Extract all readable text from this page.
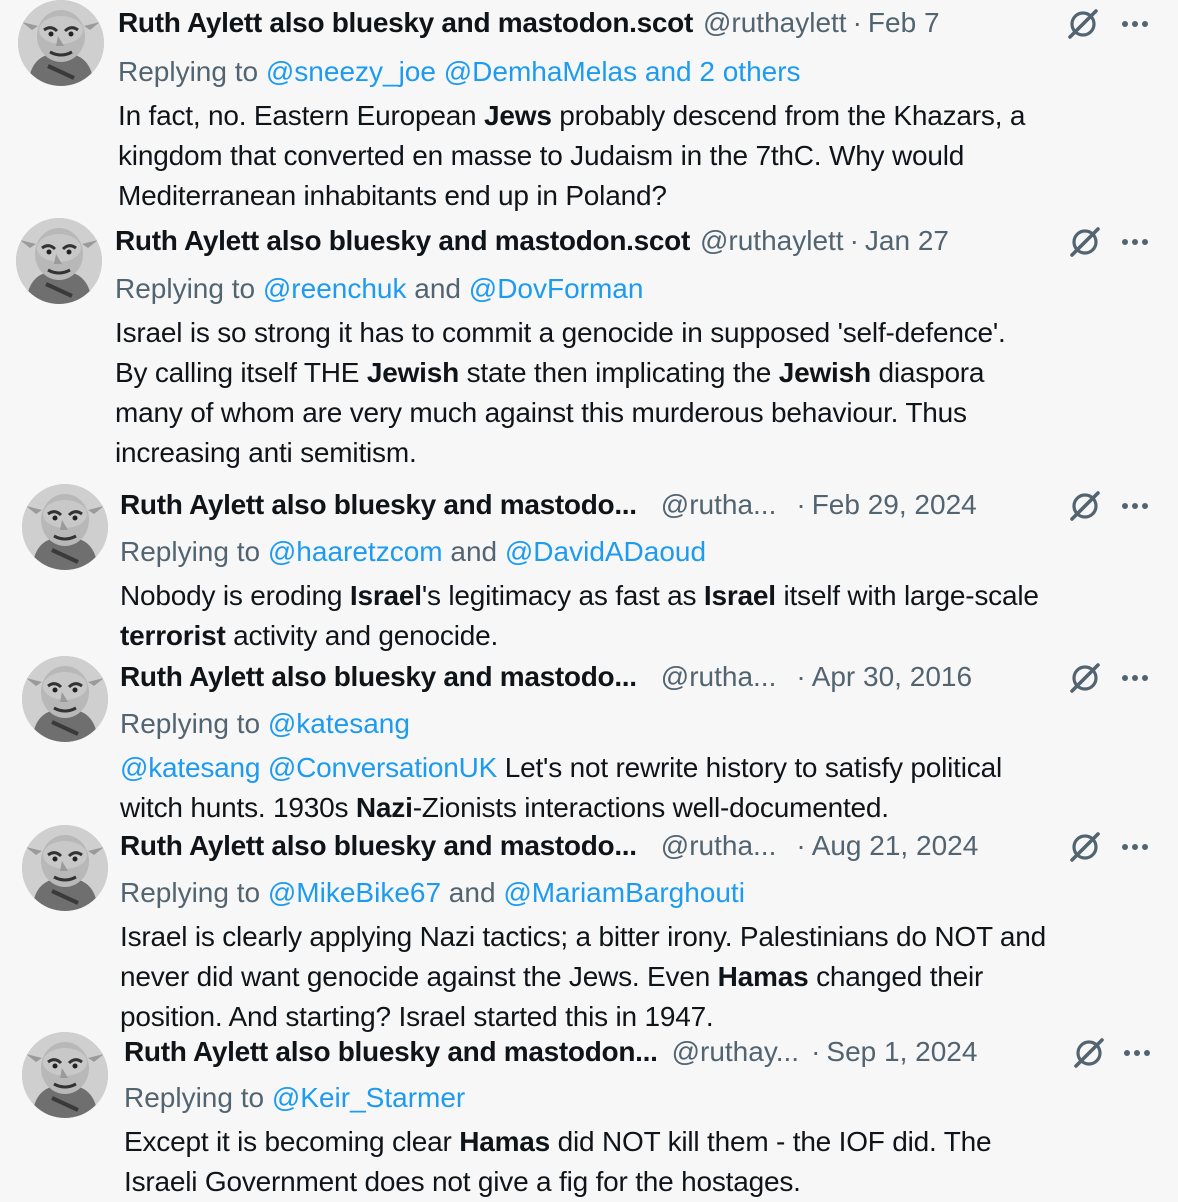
Ruth Aylett also bluesky and mastodon.scot @ruthaylett · Feb 7
Replying to @sneezy_joe @DemhaMelas and 2 others
In fact, no. Eastern European Jews probably descend from the Khazars, a
kingdom that converted en masse to Judaism in the 7thC. Why would
Mediterranean inhabitants end up in Poland?
Ruth Aylett also bluesky and mastodon.scot @ruthaylett · Jan 27
Replying to @reenchuk and @DovForman
Israel is so strong it has to commit a genocide in supposed 'self-defence'.
By calling itself THE Jewish state then implicating the Jewish diaspora
many of whom are very much against this murderous behaviour. Thus
increasing anti semitism.
Ruth Aylett also bluesky and mastodo... @rutha... · Feb 29, 2024
Replying to @haaretzcom and @DavidADaoud
Nobody is eroding Israel's legitimacy as fast as Israel itself with large-scale
terrorist activity and genocide.
Ruth Aylett also bluesky and mastodo... @rutha... · Apr 30, 2016
Replying to @katesang
@katesang @ConversationUK Let's not rewrite history to satisfy political
witch hunts. 1930s Nazi-Zionists interactions well-documented.
Ruth Aylett also bluesky and mastodo... @rutha... · Aug 21, 2024
Replying to @MikeBike67 and @MariamBarghouti
Israel is clearly applying Nazi tactics; a bitter irony. Palestinians do NOT and
never did want genocide against the Jews. Even Hamas changed their
position. And starting? Israel started this in 1947.
Ruth Aylett also bluesky and mastodon... @ruthay... · Sep 1, 2024
Replying to @Keir_Starmer
Except it is becoming clear Hamas did NOT kill them - the IOF did. The
Israeli Government does not give a fig for the hostages.
